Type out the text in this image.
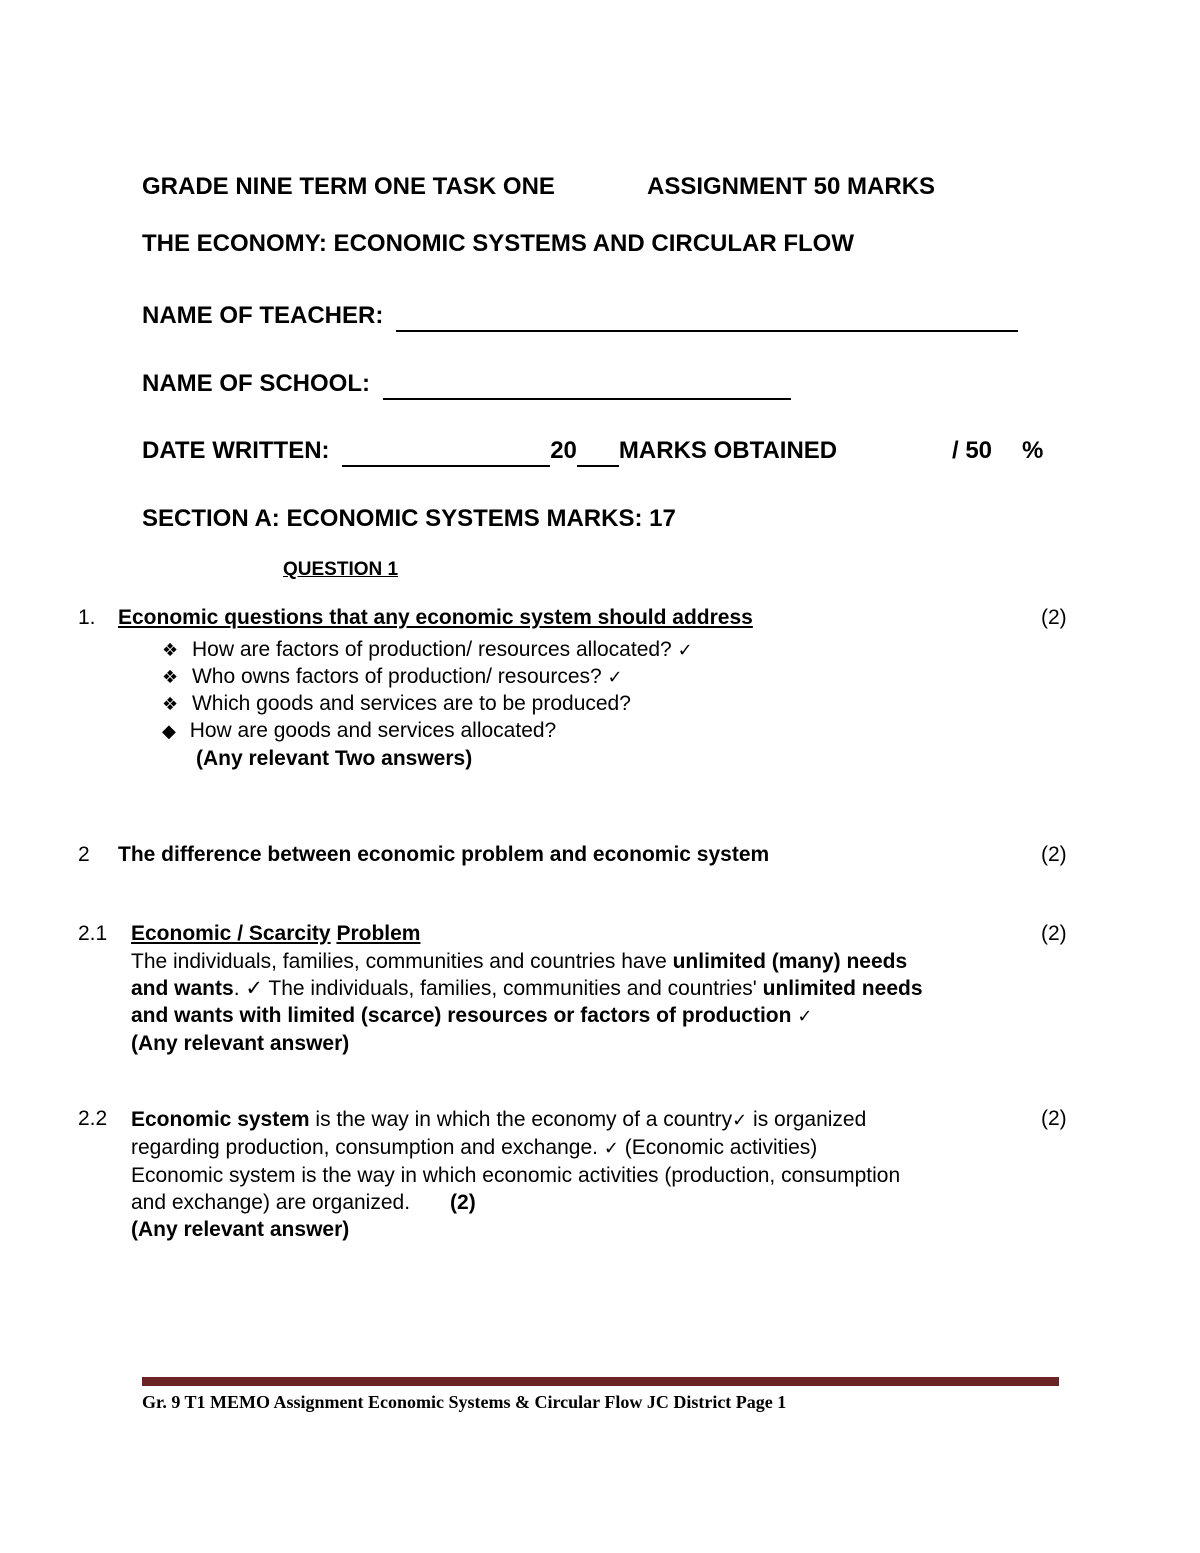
GRADE NINE TERM ONE TASK ONE	ASSIGNMENT 50 MARKS
THE ECONOMY: ECONOMIC SYSTEMS AND CIRCULAR FLOW
NAME OF TEACHER:
NAME OF SCHOOL:
DATE WRITTEN:	20 MARKS OBTAINED	/ 50 %
SECTION A: ECONOMIC SYSTEMS MARKS: 17
QUESTION 1
1. Economic questions that any economic system should address	(2)
❖ How are factors of production/ resources allocated? ✓
❖ Who owns factors of production/ resources? ✓
❖ Which goods and services are to be produced?
◆ How are goods and services allocated?
(Any relevant Two answers)
2 The difference between economic problem and economic system	(2)
2.1 Economic / Scarcity Problem	(2)
The individuals, families, communities and countries have unlimited (many) needs
and wants. ✓ The individuals, families, communities and countries' unlimited needs
and wants with limited (scarce) resources or factors of production ✓
(Any relevant answer)
2.2	(2)
Economic system is the way in which the economy of a country✓ is organized
regarding production, consumption and exchange. ✓ (Economic activities)
Economic system is the way in which economic activities (production, consumption
and exchange) are organized. (2)
(Any relevant answer)
Gr. 9 T1 MEMO Assignment Economic Systems & Circular Flow JC District Page 1
